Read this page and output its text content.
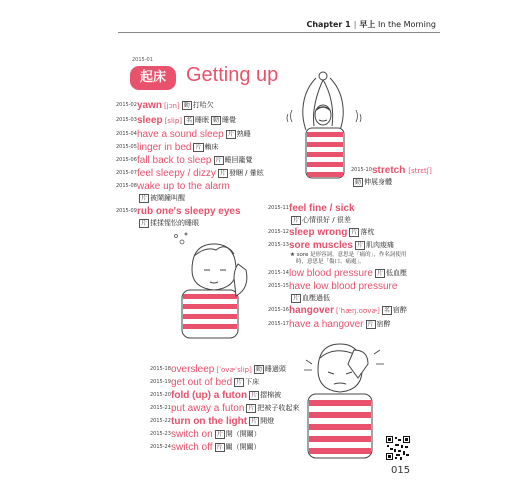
Chapter 1 | 早上 In the Morning
2015-01
起床	Getting up
2015-02yawn [jɔn] 動 打哈欠
2015-03sleep [slip] 名 睡眠 動 睡覺
2015-04have a sound sleep 片 熟睡
2015-05linger in bed 片 賴床
2015-06fall back to sleep 片 睡回籠覺
2015-07feel sleepy / dizzy 片 發睏 / 暈眩
2015-08wake up to the alarm
片 被鬧鐘叫醒
2015-09rub one's sleepy eyes
片 揉揉惺忪的睡眼
2015-11feel fine / sick
片 心情很好 / 很差
2015-12sleep wrong 片 落枕
2015-13sore muscles 片 肌肉痠痛
2015-14low blood pressure 片 低血壓
2015-15have low blood pressure
片 血壓過低
2015-16hangover [ˈhæŋ.oʊvɚ] 名 宿醉
2015-17have a hangover 片 宿醉
2015-18oversleep [ˈovɚˈslip] 動 睡過頭
2015-19get out of bed 片 下床
2015-20fold (up) a futon 片 摺棉被
2015-21put away a futon 片 把被子收起來
2015-22turn on the light 片 開燈
2015-23switch on 片 開（開關）
2015-24switch off 片 關（開關）
2015-10stretch [strɛtʃ]
動 伸展身體
★ sore 是形容詞，意思是「痛的」，作名詞使用
時，意思是「傷口、痛處」。
015
